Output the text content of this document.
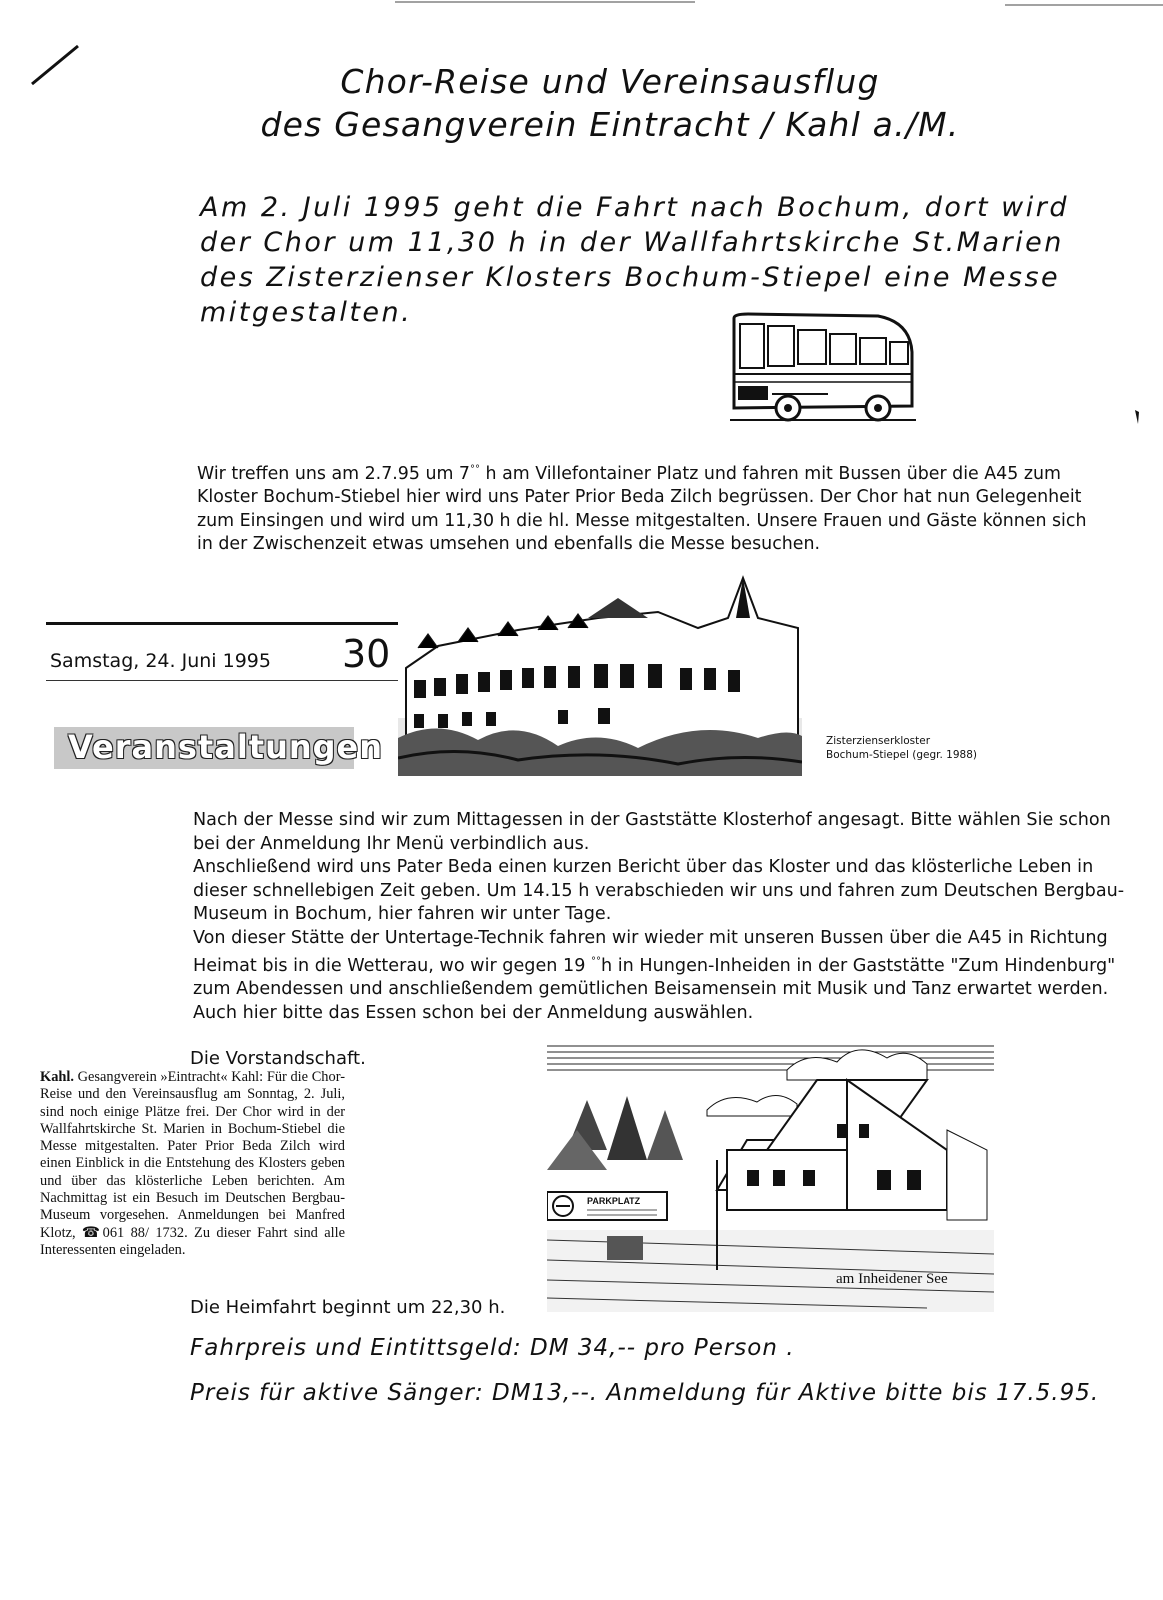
Chor-Reise und Vereinsausflug
des Gesangverein Eintracht / Kahl a./M.
Am 2. Juli 1995 geht die Fahrt nach Bochum, dort wird der Chor um 11,30 h in der Wallfahrtskirche St.Marien des Zisterzienser Klosters Bochum-Stiepel eine Messe mitgestalten.
Wir treffen uns am 2.7.95 um 7°° h am Villefontainer Platz und fahren mit Bussen über die A45 zum Kloster Bochum-Stiebel hier wird uns Pater Prior Beda Zilch begrüssen. Der Chor hat nun Gelegenheit zum Einsingen und wird um 11,30 h die hl. Messe mitgestalten. Unsere Frauen und Gäste können sich in der Zwischenzeit etwas umsehen und ebenfalls die Messe besuchen.
Samstag, 24. Juni 1995 30
Veranstaltungen	Zisterzienserkloster
Bochum-Stiepel (gegr. 1988)
Nach der Messe sind wir zum Mittagessen in der Gaststätte Klosterhof angesagt. Bitte wählen Sie schon bei der Anmeldung Ihr Menü verbindlich aus.
Anschließend wird uns Pater Beda einen kurzen Bericht über das Kloster und das klösterliche Leben in dieser schnellebigen Zeit geben. Um 14.15 h verabschieden wir uns und fahren zum Deutschen Bergbau-Museum in Bochum, hier fahren wir unter Tage.
Von dieser Stätte der Untertage-Technik fahren wir wieder mit unseren Bussen über die A45 in Richtung Heimat bis in die Wetterau, wo wir gegen 19 °°h in Hungen-Inheiden in der Gaststätte "Zum Hindenburg" zum Abendessen und anschließendem gemütlichen Beisamensein mit Musik und Tanz erwartet werden. Auch hier bitte das Essen schon bei der Anmeldung auswählen.
Die Vorstandschaft.
Kahl. Gesangverein »Eintracht« Kahl: Für die Chor-Reise und den Vereinsausflug am Sonntag, 2. Juli, sind noch einige Plätze frei. Der Chor wird in der Wallfahrtskirche St. Marien in Bochum-Stiebel die Messe mitgestalten. Pater Prior Beda Zilch wird einen Einblick in die Entstehung des Klosters geben und über das klösterliche Leben berichten. Am Nachmittag ist ein Besuch im Deutschen Bergbau-Museum vorgesehen. Anmeldungen bei Manfred Klotz, ☎061 88/ 1732. Zu dieser Fahrt sind alle Interessenten eingeladen.
PARKPLATZ
am Inheidener See
Die Heimfahrt beginnt um 22,30 h.
Fahrpreis und Eintittsgeld: DM 34,-- pro Person .
Preis für aktive Sänger: DM13,--. Anmeldung für Aktive bitte bis 17.5.95.
